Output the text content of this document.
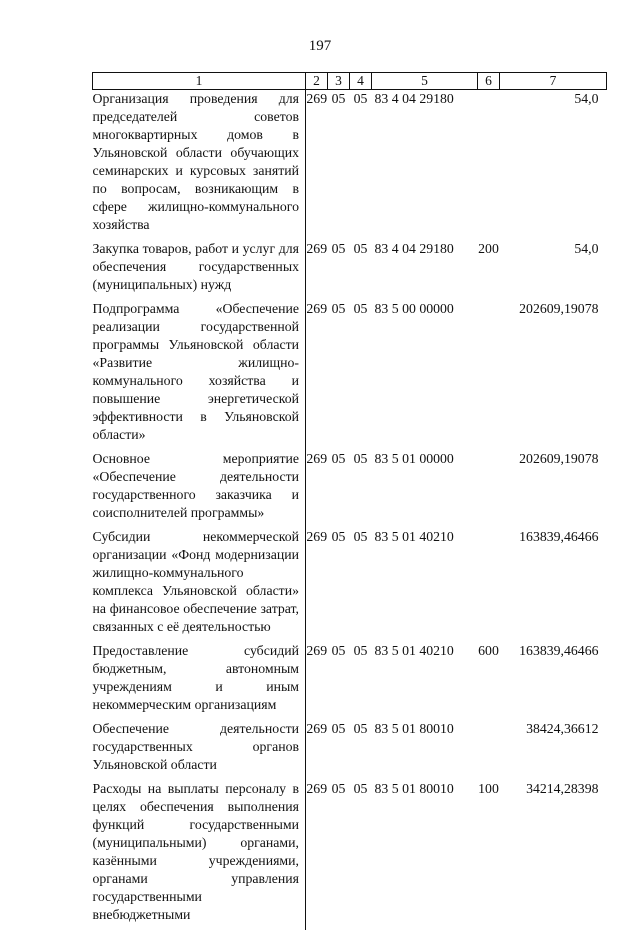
197
1	2	3	4	5	6	7
Организация проведения для председателей советов многоквартирных домов в Ульяновской области обучающих семинарских и курсовых занятий по вопросам, возникающим в сфере жилищно-коммунального хозяйства	269	05	05	83 4 04 29180		54,0
Закупка товаров, работ и услуг для обеспечения государственных (муниципальных) нужд	269	05	05	83 4 04 29180	200	54,0
Подпрограмма «Обеспечение реализации государственной программы Ульяновской области «Развитие жилищно-коммунального хозяйства и повышение энергетической эффективности в Ульяновской области»	269	05	05	83 5 00 00000		202609,19078
Основное мероприятие «Обеспечение деятельности государственного заказчика и соисполнителей программы»	269	05	05	83 5 01 00000		202609,19078
Субсидии некоммерческой организации «Фонд модернизации жилищно-коммунального комплекса Ульяновской области» на финансовое обеспечение затрат, связанных с её деятельностью	269	05	05	83 5 01 40210		163839,46466
Предоставление субсидий бюджетным, автономным учреждениям и иным некоммерческим организациям	269	05	05	83 5 01 40210	600	163839,46466
Обеспечение деятельности государственных органов Ульяновской области	269	05	05	83 5 01 80010		38424,36612
Расходы на выплаты персоналу в целях обеспечения выполнения функций государственными (муниципальными) органами, казёнными учреждениями, органами управления государственными внебюджетными	269	05	05	83 5 01 80010	100	34214,28398
